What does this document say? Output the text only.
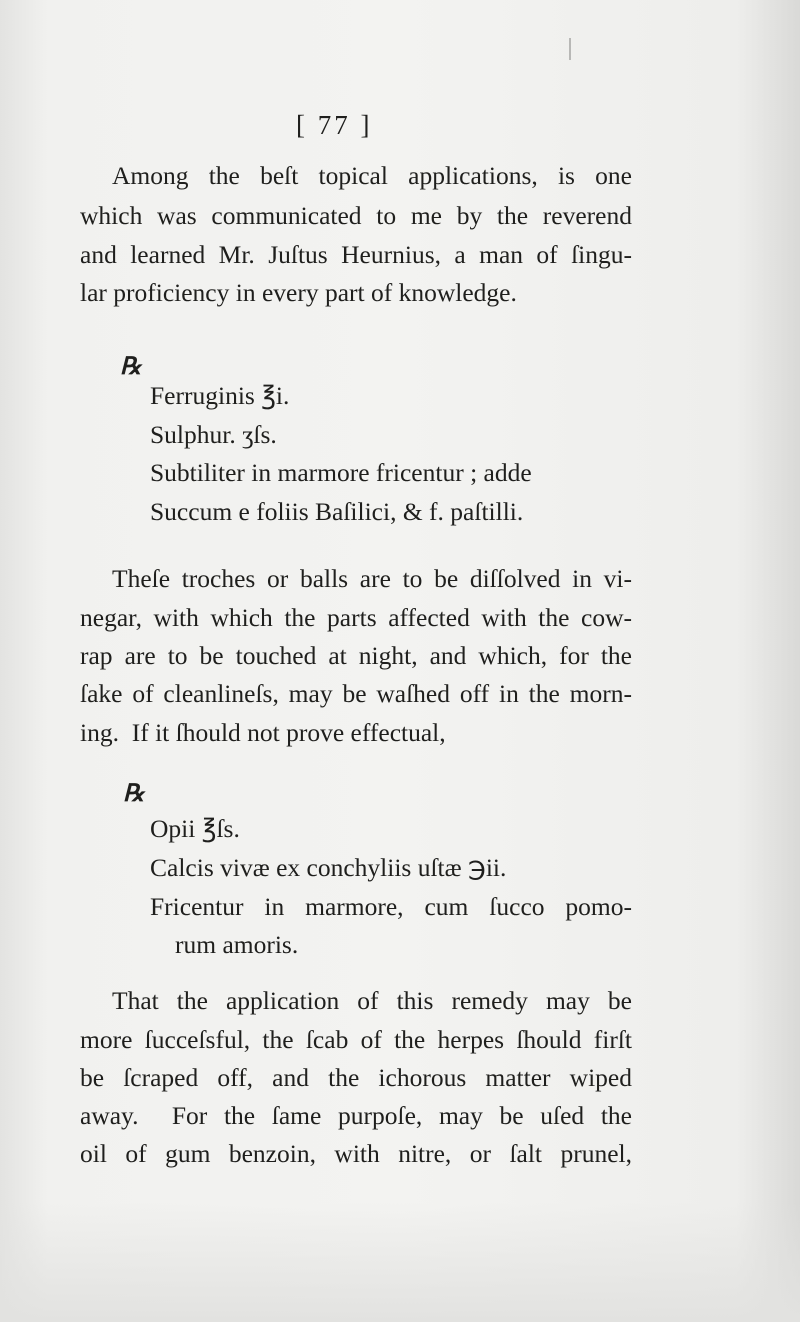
[ 77 ]
Among the beſt topical applications, is one
which was communicated to me by the reverend
and learned Mr. Juſtus Heurnius, a man of ſingu-
lar proficiency in every part of knowledge.
℞
Ferruginis ℥i.
Sulphur. ʒſs.
Subtiliter in marmore fricentur ; adde
Succum e foliis Baſilici, & f. paſtilli.
Theſe troches or balls are to be diſſolved in vi-
negar, with which the parts affected with the cow-
rap are to be touched at night, and which, for the
ſake of cleanlineſs, may be waſhed off in the morn-
ing.  If it ſhould not prove effectual,
℞
Opii ℥ſs.
Calcis vivæ ex conchyliis uſtæ ℈ii.
Fricentur in marmore, cum ſucco pomo-
rum amoris.
That the application of this remedy may be
more ſucceſsful, the ſcab of the herpes ſhould firſt
be ſcraped off, and the ichorous matter wiped
away.  For the ſame purpoſe, may be uſed the
oil of gum benzoin, with nitre, or ſalt prunel,
